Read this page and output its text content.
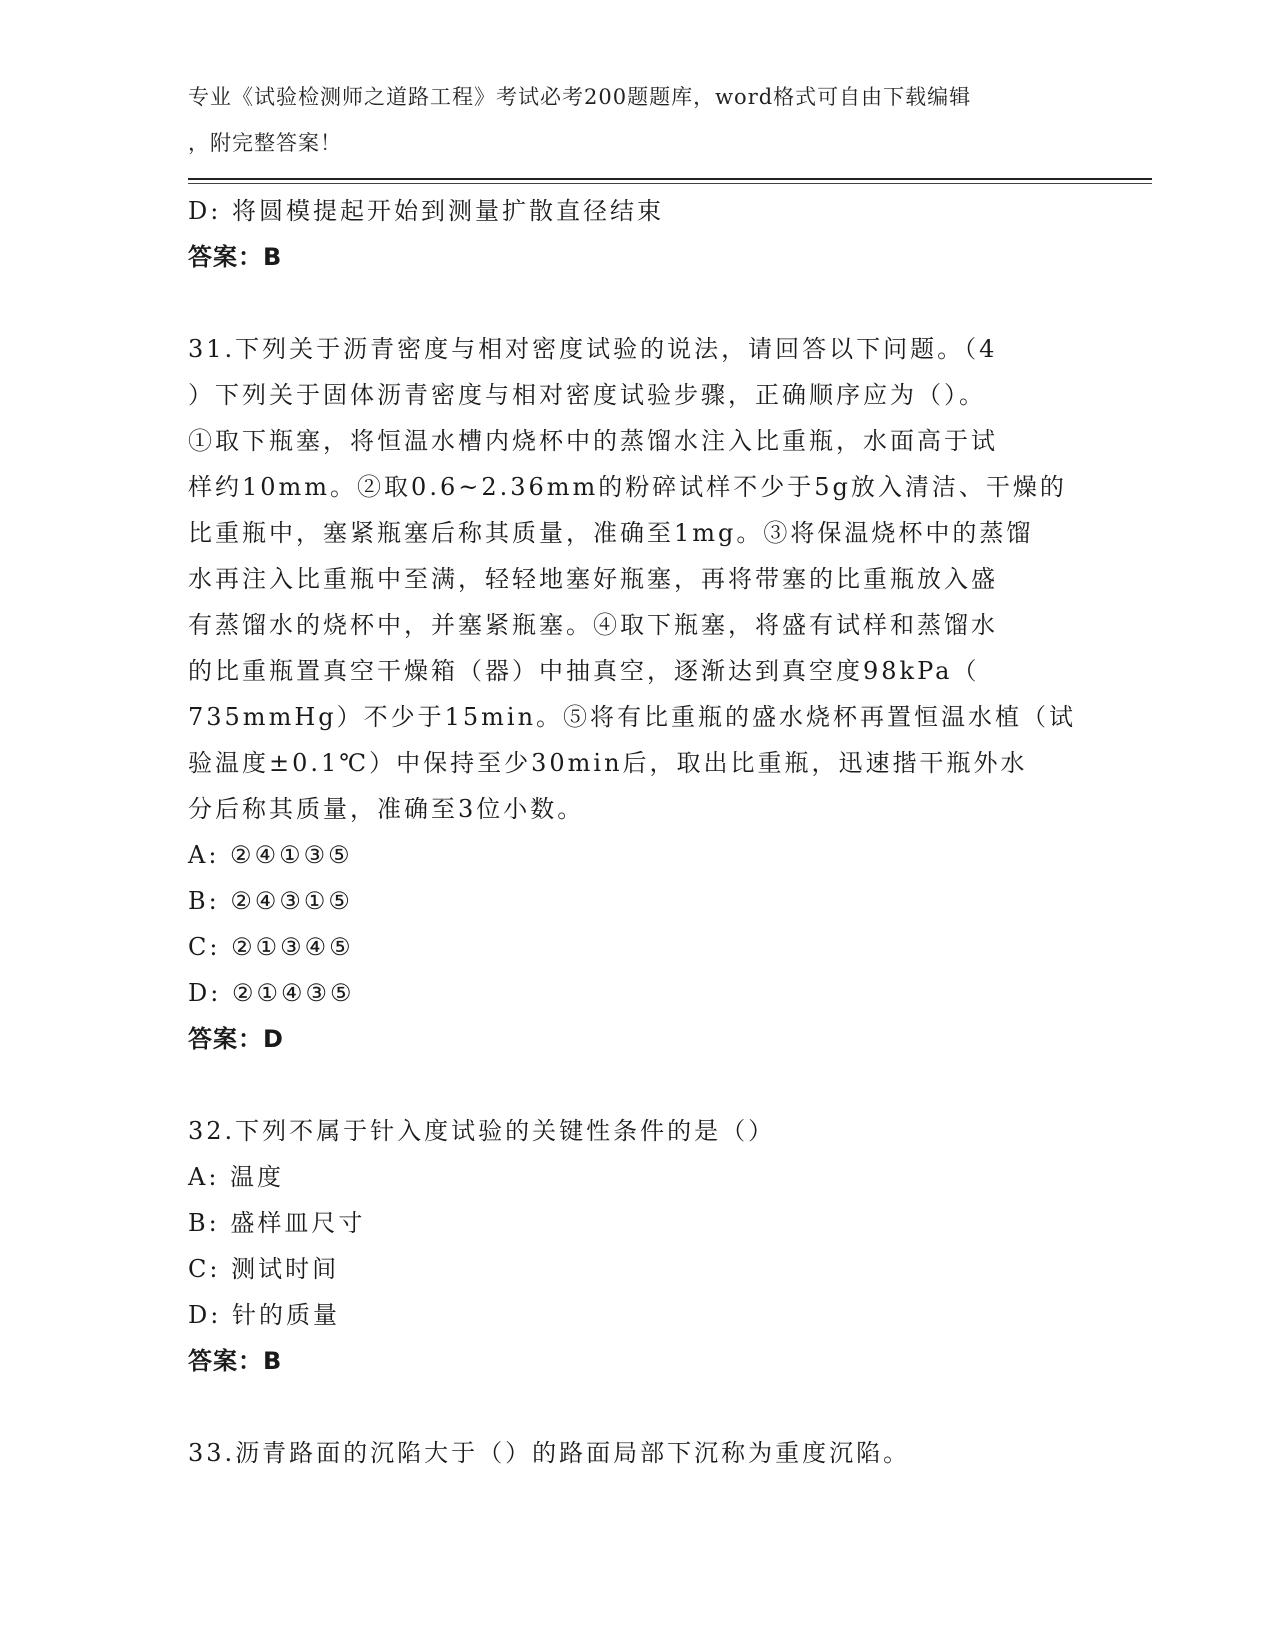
专业《试验检测师之道路工程》考试必考200题题库，word格式可自由下载编辑
，附完整答案！
D: 将圆模提起开始到测量扩散直径结束
答案：B
31.下列关于沥青密度与相对密度试验的说法，请回答以下问题。（4
）下列关于固体沥青密度与相对密度试验步骤，正确顺序应为（）。
①取下瓶塞，将恒温水槽内烧杯中的蒸馏水注入比重瓶，水面高于试
样约10mm。②取0.6~2.36mm的粉碎试样不少于5g放入清洁、干燥的
比重瓶中，塞紧瓶塞后称其质量，准确至1mg。③将保温烧杯中的蒸馏
水再注入比重瓶中至满，轻轻地塞好瓶塞，再将带塞的比重瓶放入盛
有蒸馏水的烧杯中，并塞紧瓶塞。④取下瓶塞，将盛有试样和蒸馏水
的比重瓶置真空干燥箱（器）中抽真空，逐渐达到真空度98kPa（
735mmHg）不少于15min。⑤将有比重瓶的盛水烧杯再置恒温水植（试
验温度±0.1℃）中保持至少30min后，取出比重瓶，迅速揩干瓶外水
分后称其质量，准确至3位小数。
A: ②④①③⑤
B: ②④③①⑤
C: ②①③④⑤
D: ②①④③⑤
答案：D
32.下列不属于针入度试验的关键性条件的是（）
A: 温度
B: 盛样皿尺寸
C: 测试时间
D: 针的质量
答案：B
33.沥青路面的沉陷大于（）的路面局部下沉称为重度沉陷。
